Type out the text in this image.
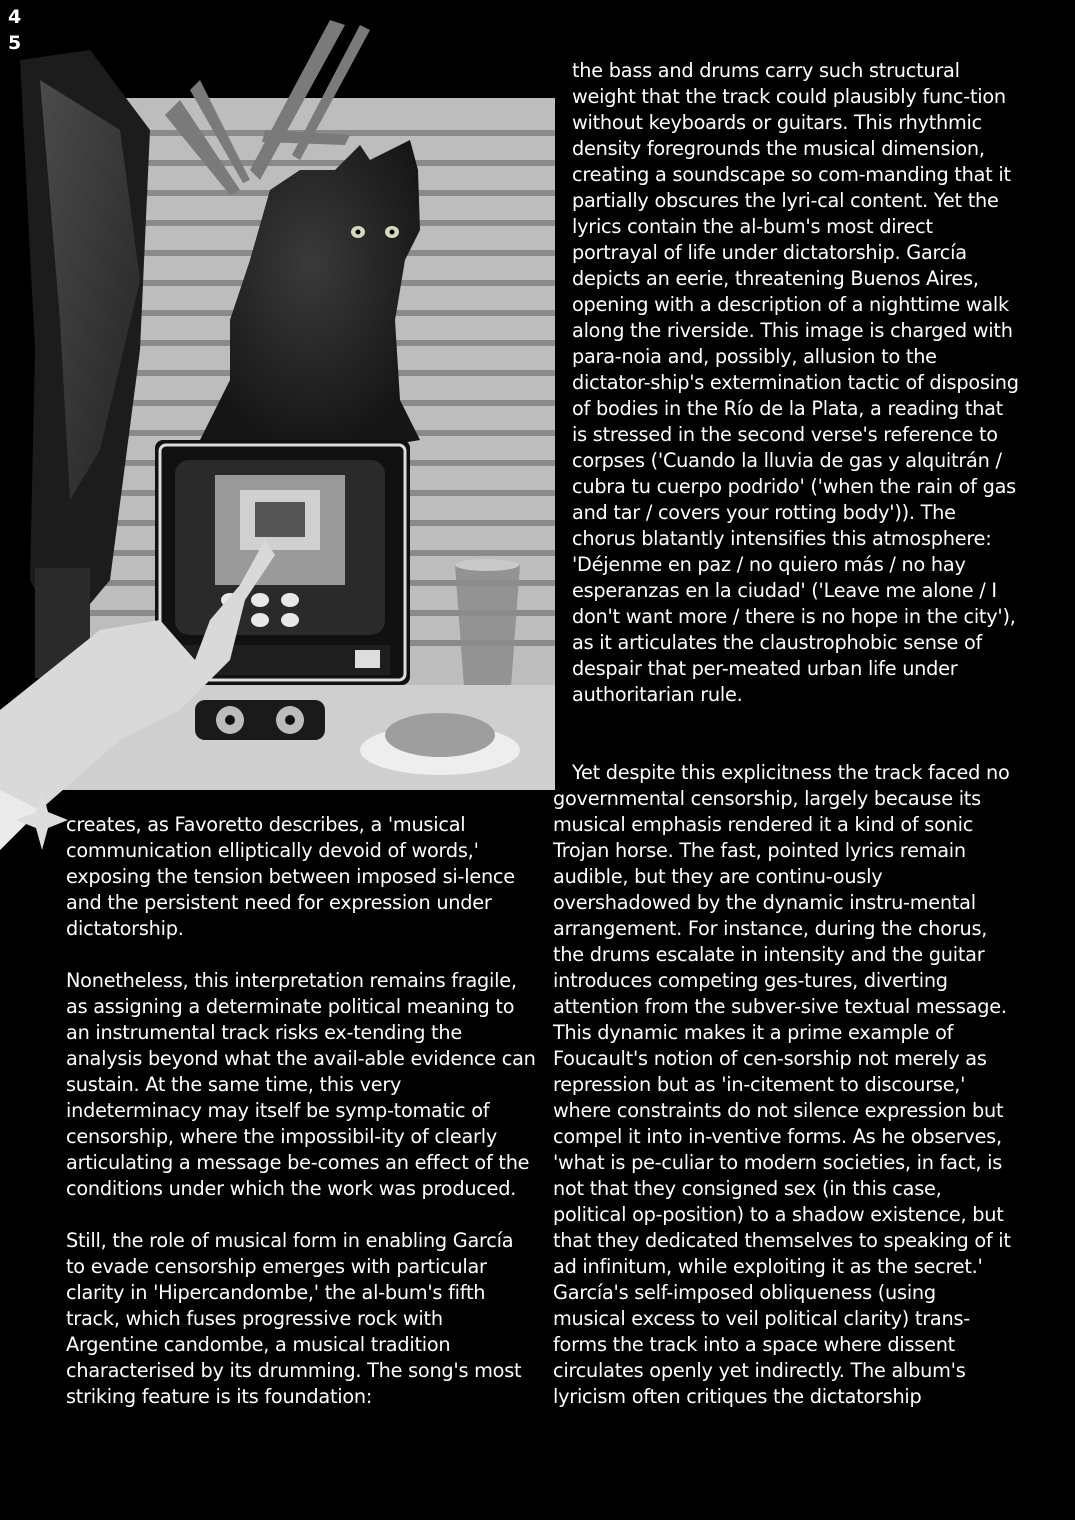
4
5

the bass and drums carry such structural weight that the track could plausibly func-tion without keyboards or guitars. This rhythmic density foregrounds the musical dimension, creating a soundscape so com-manding that it partially obscures the lyri-cal content. Yet the lyrics contain the al-bum's most direct portrayal of life under dictatorship. García depicts an eerie, threatening Buenos Aires, opening with a description of a nighttime walk along the riverside. This image is charged with para-noia and, possibly, allusion to the dictator-ship's extermination tactic of disposing of bodies in the Río de la Plata, a reading that is stressed in the second verse's reference to corpses ('Cuando la lluvia de gas y alquitrán / cubra tu cuerpo podrido' ('when the rain of gas and tar / covers your rotting body')). The chorus blatantly intensifies this atmosphere: 'Déjenme en paz / no quiero más / no hay esperanzas en la ciudad' ('Leave me alone / I don't want more / there is no hope in the city'), as it articulates the claustrophobic sense of despair that per-meated urban life under authoritarian rule.

Yet despite this explicitness the track faced no governmental censorship, largely because its musical emphasis rendered it a kind of sonic Trojan horse. The fast, pointed lyrics remain audible, but they are continu-ously overshadowed by the dynamic instru-mental arrangement. For instance, during the chorus, the drums escalate in intensity and the guitar introduces competing ges-tures, diverting attention from the subver-sive textual message. This dynamic makes it a prime example of Foucault's notion of cen-sorship not merely as repression but as 'in-citement to discourse,' where constraints do not silence expression but compel it into in-ventive forms. As he observes, 'what is pe-culiar to modern societies, in fact, is not that they consigned sex (in this case, political op-position) to a shadow existence, but that they dedicated themselves to speaking of it ad infinitum, while exploiting it as the secret.' García's self-imposed obliqueness (using musical excess to veil political clarity) trans-forms the track into a space where dissent circulates openly yet indirectly. The album's lyricism often critiques the dictatorship

creates, as Favoretto describes, a 'musical communication elliptically devoid of words,' exposing the tension between imposed si-lence and the persistent need for expression under dictatorship.

Nonetheless, this interpretation remains fragile, as assigning a determinate political meaning to an instrumental track risks ex-tending the analysis beyond what the avail-able evidence can sustain. At the same time, this very indeterminacy may itself be symp-tomatic of censorship, where the impossibil-ity of clearly articulating a message be-comes an effect of the conditions under which the work was produced.

Still, the role of musical form in enabling García to evade censorship emerges with particular clarity in 'Hipercandombe,' the al-bum's fifth track, which fuses progressive rock with Argentine candombe, a musical tradition characterised by its drumming. The song's most striking feature is its foundation:
